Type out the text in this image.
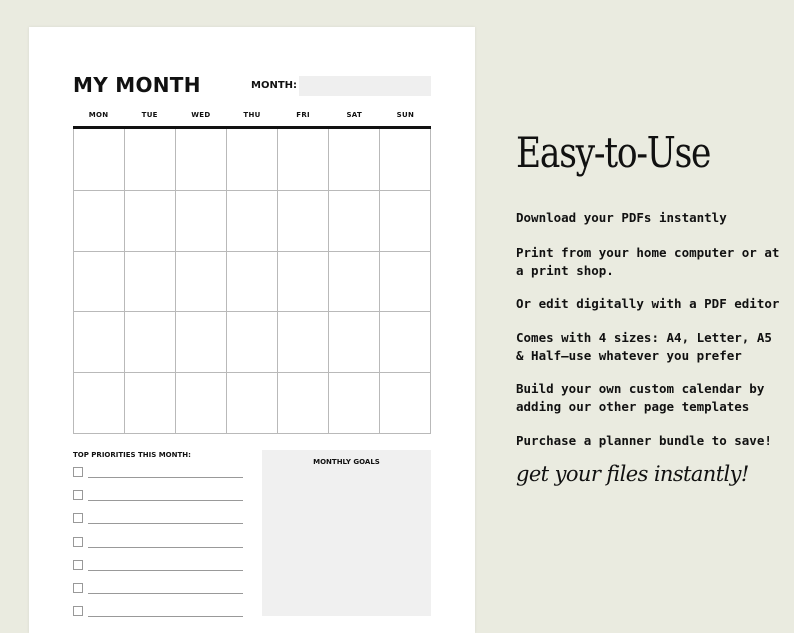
MY MONTH	MONTH:
MON	TUE	WED	THU	FRI	SAT	SUN
TOP PRIORITIES THIS MONTH:
MONTHLY GOALS
Easy-to-Use
Download your PDFs instantly
Print from your home computer or at a print shop.
Or edit digitally with a PDF editor
Comes with 4 sizes: A4, Letter, A5 & Half—use whatever you prefer
Build your own custom calendar by adding our other page templates
Purchase a planner bundle to save!
get your files instantly!
